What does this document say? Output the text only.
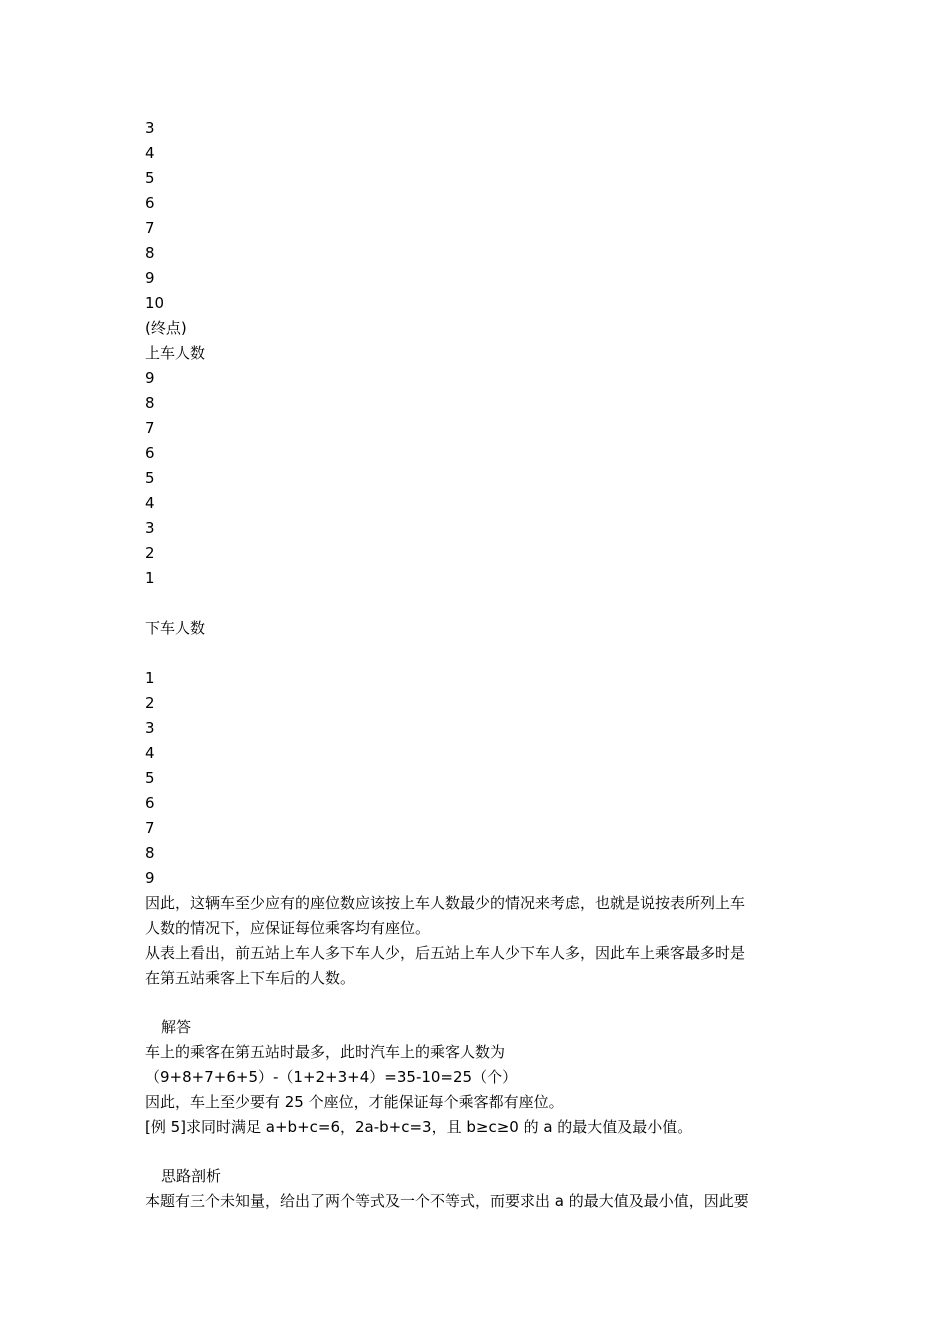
3
4
5
6
7
8
9
10
(终点)
上车人数
9
8
7
6
5
4
3
2
1
下车人数
1
2
3
4
5
6
7
8
9
因此，这辆车至少应有的座位数应该按上车人数最少的情况来考虑，也就是说按表所列上车
人数的情况下，应保证每位乘客均有座位。
从表上看出，前五站上车人多下车人少，后五站上车人少下车人多，因此车上乘客最多时是
在第五站乘客上下车后的人数。
解答
车上的乘客在第五站时最多，此时汽车上的乘客人数为
（9+8+7+6+5）-（1+2+3+4）=35-10=25（个）
因此，车上至少要有 25 个座位，才能保证每个乘客都有座位。
[例 5]求同时满足 a+b+c=6，2a-b+c=3，且 b≥c≥0 的 a 的最大值及最小值。
思路剖析
本题有三个未知量，给出了两个等式及一个不等式，而要求出 a 的最大值及最小值，因此要
